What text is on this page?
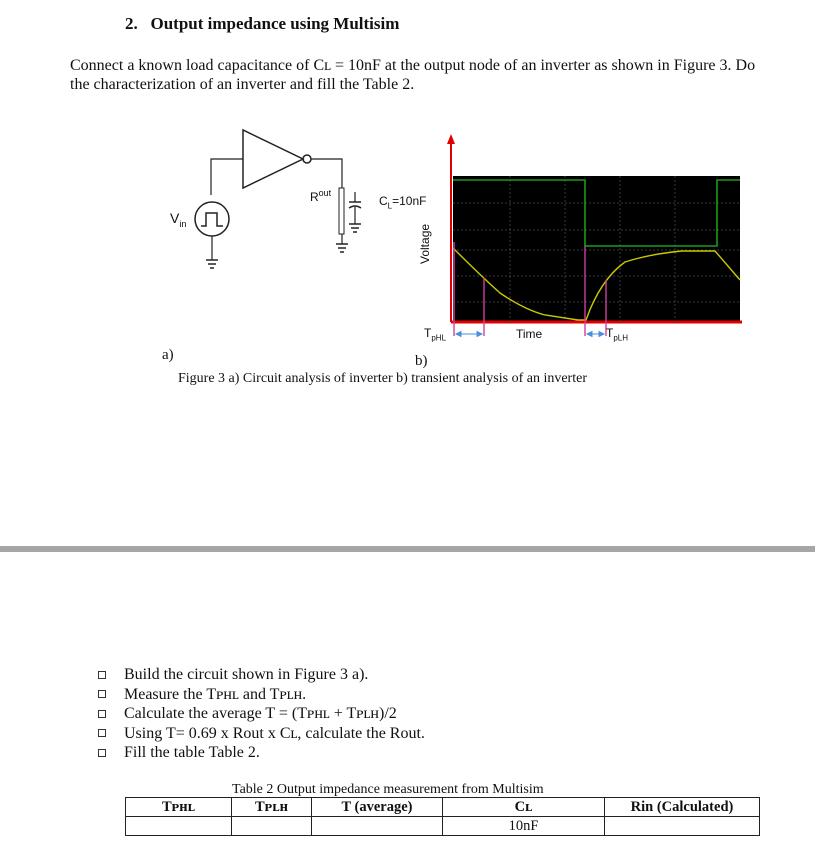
2. Output impedance using Multisim
Connect a known load capacitance of Cʟ = 10nF at the output node of an inverter as shown in Figure 3. Do the characterization of an inverter and fill the Table 2.
$V_{in}$
$R^{out}$
$C_L=10nF$
Voltage
Time
$T_{pHL}$	$T_{pLH}$
a)	b)
Figure 3 a) Circuit analysis of inverter b) transient analysis of an inverter
Build the circuit shown in Figure 3 a).
Measure the Tᴘʜʟ and Tᴘʟʜ.
Calculate the average T = (Tᴘʜʟ + Tᴘʟʜ)/2
Using T= 0.69 x Rout x Cʟ, calculate the Rout.
Fill the table Table 2.
Table 2 Output impedance measurement from Multisim
Tᴘʜʟ	Tᴘʟʜ	T (average)	Cʟ	Rin (Calculated)
			10nF	
